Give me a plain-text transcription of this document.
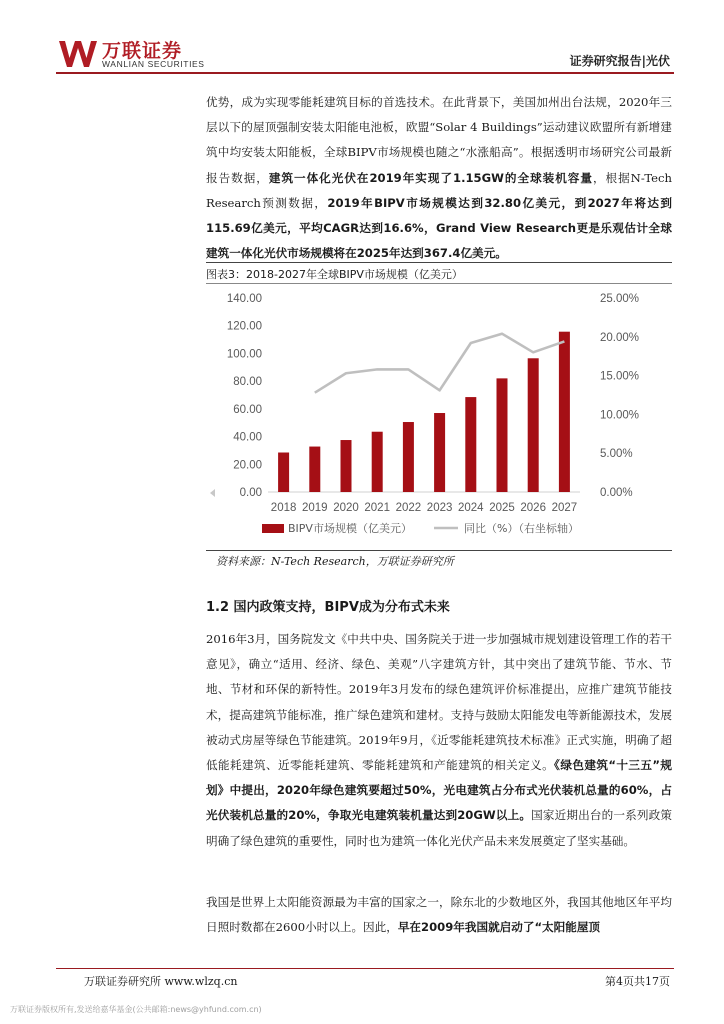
万联证券
WANLIAN SECURITIES	证券研究报告|光伏
优势，成为实现零能耗建筑目标的首选技术。在此背景下，美国加州出台法规，2020年三层以下的屋顶强制安装太阳能电池板，欧盟“Solar 4 Buildings”运动建议欧盟所有新增建筑中均安装太阳能板，全球BIPV市场规模也随之“水涨船高”。根据透明市场研究公司最新报告数据，建筑一体化光伏在2019年实现了1.15GW的全球装机容量，根据N-Tech Research预测数据，2019年BIPV市场规模达到32.80亿美元，到2027年将达到115.69亿美元，平均CAGR达到16.6%，Grand View Research更是乐观估计全球建筑一体化光伏市场规模将在2025年达到367.4亿美元。
图表3：2018-2027年全球BIPV市场规模（亿美元）
0.00
20.00
40.00
60.00
80.00
100.00
120.00
140.00
0.00%
5.00%
10.00%
15.00%
20.00%
25.00%
2018 2019 2020 2021 2022 2023 2024 2025 2026 2027
BIPV市场规模（亿美元）	同比（%）（右坐标轴）
资料来源：N-Tech Research，万联证券研究所
1.2 国内政策支持，BIPV成为分布式未来
2016年3月，国务院发文《中共中央、国务院关于进一步加强城市规划建设管理工作的若干意见》，确立“适用、经济、绿色、美观”八字建筑方针，其中突出了建筑节能、节水、节地、节材和环保的新特性。2019年3月发布的绿色建筑评价标准提出，应推广建筑节能技术，提高建筑节能标准，推广绿色建筑和建材。支持与鼓励太阳能发电等新能源技术，发展被动式房屋等绿色节能建筑。2019年9月，《近零能耗建筑技术标准》正式实施，明确了超低能耗建筑、近零能耗建筑、零能耗建筑和产能建筑的相关定义。《绿色建筑“十三五”规划》中提出，2020年绿色建筑要超过50%，光电建筑占分布式光伏装机总量的60%，占光伏装机总量的20%，争取光电建筑装机量达到20GW以上。国家近期出台的一系列政策明确了绿色建筑的重要性，同时也为建筑一体化光伏产品未来发展奠定了坚实基础。
我国是世界上太阳能资源最为丰富的国家之一，除东北的少数地区外，我国其他地区年平均日照时数都在2600小时以上。因此，早在2009年我国就启动了“太阳能屋顶
万联证券研究所 www.wlzq.cn	第4页共17页
万联证券版权所有,发送给嘉华基金(公共邮箱:news@yhfund.com.cn)
